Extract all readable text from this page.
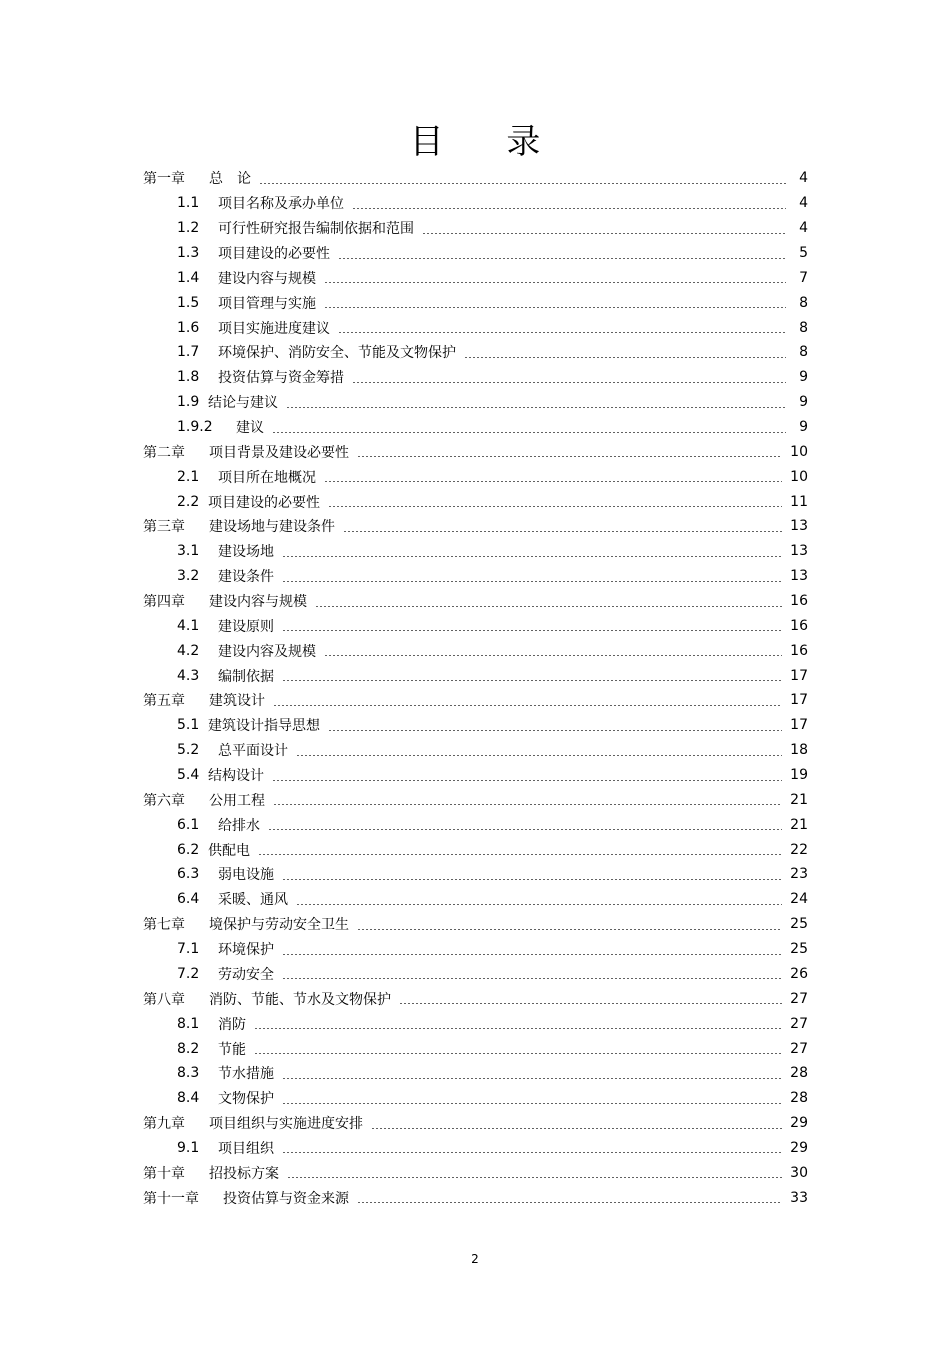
目 录
第一章 总　论	4
1.1	项目名称及承办单位	4
1.2	可行性研究报告编制依据和范围	4
1.3	项目建设的必要性	5
1.4	建设内容与规模	7
1.5	项目管理与实施	8
1.6	项目实施进度建议	8
1.7	环境保护、消防安全、节能及文物保护	8
1.8	投资估算与资金筹措	9
1.9 结论与建议	9
1.9.2	建议	9
第二章 项目背景及建设必要性	10
2.1	项目所在地概况	10
2.2 项目建设的必要性	11
第三章 建设场地与建设条件	13
3.1	建设场地	13
3.2	建设条件	13
第四章 建设内容与规模	16
4.1	建设原则	16
4.2	建设内容及规模	16
4.3	编制依据	17
第五章 建筑设计	17
5.1 建筑设计指导思想	17
5.2	总平面设计	18
5.4 结构设计	19
第六章 公用工程	21
6.1	给排水	21
6.2 供配电	22
6.3	弱电设施	23
6.4	采暖、通风	24
第七章 境保护与劳动安全卫生	25
7.1	环境保护	25
7.2	劳动安全	26
第八章 消防、节能、节水及文物保护	27
8.1	消防	27
8.2	节能	27
8.3	节水措施	28
8.4	文物保护	28
第九章 项目组织与实施进度安排	29
9.1	项目组织	29
第十章 招投标方案	30
第十一章 投资估算与资金来源	33
2
